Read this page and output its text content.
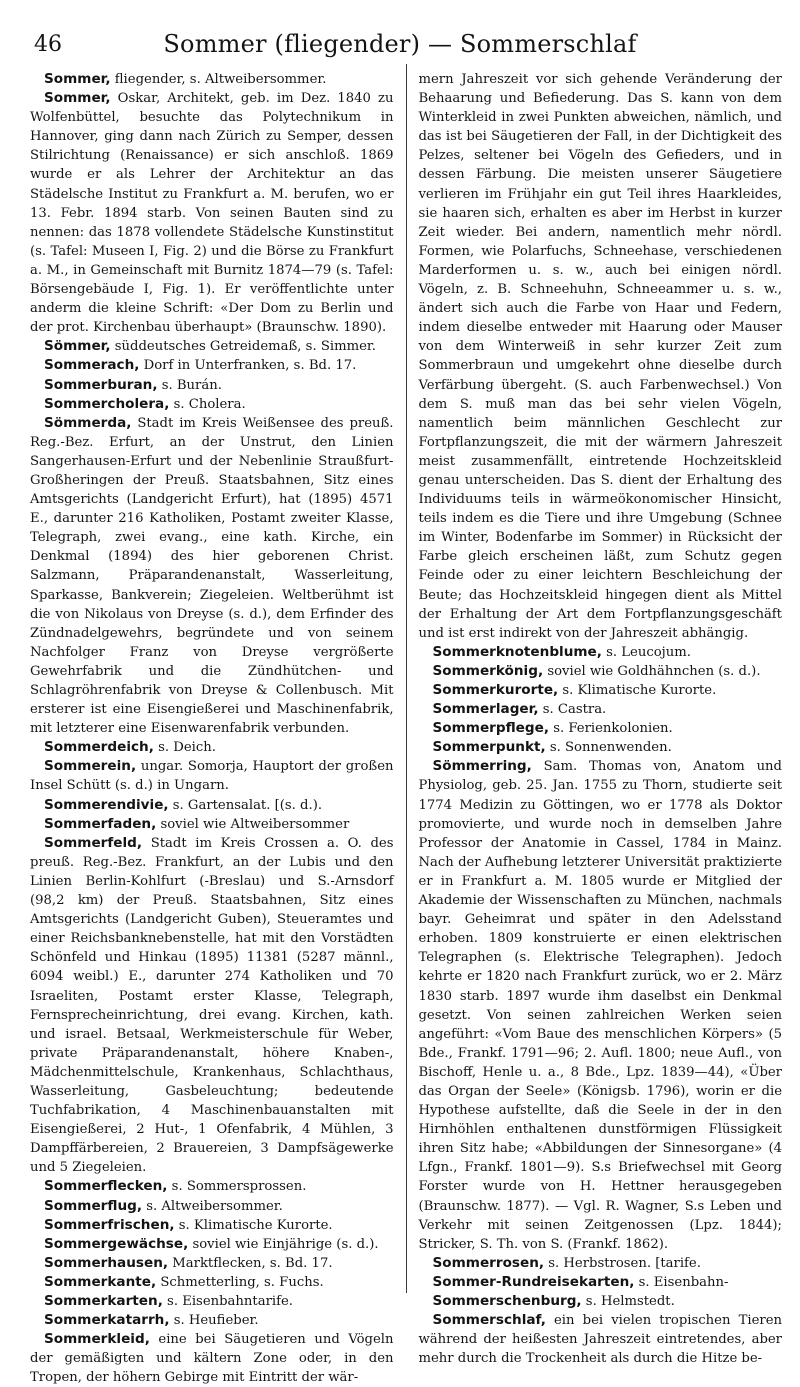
46	Sommer (fliegender) — Sommerschlaf

Sommer, fliegender, s. Altweibersommer.

Sommer, Oskar, Architekt, geb. im Dez. 1840 zu Wolfenbüttel, besuchte das Polytechnikum in Hannover, ging dann nach Zürich zu Semper, dessen Stilrichtung (Renaissance) er sich anschloß. 1869 wurde er als Lehrer der Architektur an das Städelsche Institut zu Frankfurt a. M. berufen, wo er 13. Febr. 1894 starb. Von seinen Bauten sind zu nennen: das 1878 vollendete Städelsche Kunstinstitut (s. Tafel: Museen I, Fig. 2) und die Börse zu Frankfurt a. M., in Gemeinschaft mit Burnitz 1874—79 (s. Tafel: Börsengebäude I, Fig. 1). Er veröffentlichte unter anderm die kleine Schrift: «Der Dom zu Berlin und der prot. Kirchenbau überhaupt» (Braunschw. 1890).

Sömmer, süddeutsches Getreidemaß, s. Simmer.

Sommerach, Dorf in Unterfranken, s. Bd. 17.

Sommerburan, s. Burán.

Sommercholera, s. Cholera.

Sömmerda, Stadt im Kreis Weißensee des preuß. Reg.-Bez. Erfurt, an der Unstrut, den Linien Sangerhausen-Erfurt und der Nebenlinie Straußfurt-Großheringen der Preuß. Staatsbahnen, Sitz eines Amtsgerichts (Landgericht Erfurt), hat (1895) 4571 E., darunter 216 Katholiken, Postamt zweiter Klasse, Telegraph, zwei evang., eine kath. Kirche, ein Denkmal (1894) des hier geborenen Christ. Salzmann, Präparandenanstalt, Wasserleitung, Sparkasse, Bankverein; Ziegeleien. Weltberühmt ist die von Nikolaus von Dreyse (s. d.), dem Erfinder des Zündnadelgewehrs, begründete und von seinem Nachfolger Franz von Dreyse vergrößerte Gewehrfabrik und die Zündhütchen- und Schlagröhrenfabrik von Dreyse & Collenbusch. Mit ersterer ist eine Eisengießerei und Maschinenfabrik, mit letzterer eine Eisenwarenfabrik verbunden.

Sommerdeich, s. Deich.

Sommerein, ungar. Somorja, Hauptort der großen Insel Schütt (s. d.) in Ungarn.

Sommerendivie, s. Gartensalat. [(s. d.).

Sommerfaden, soviel wie Altweibersommer

Sommerfeld, Stadt im Kreis Crossen a. O. des preuß. Reg.-Bez. Frankfurt, an der Lubis und den Linien Berlin-Kohlfurt (-Breslau) und S.-Arnsdorf (98,2 km) der Preuß. Staatsbahnen, Sitz eines Amtsgerichts (Landgericht Guben), Steueramtes und einer Reichsbanknebenstelle, hat mit den Vorstädten Schönfeld und Hinkau (1895) 11381 (5287 männl., 6094 weibl.) E., darunter 274 Katholiken und 70 Israeliten, Postamt erster Klasse, Telegraph, Fernsprecheinrichtung, drei evang. Kirchen, kath. und israel. Betsaal, Werkmeisterschule für Weber, private Präparandenanstalt, höhere Knaben-, Mädchenmittelschule, Krankenhaus, Schlachthaus, Wasserleitung, Gasbeleuchtung; bedeutende Tuchfabrikation, 4 Maschinenbauanstalten mit Eisengießerei, 2 Hut-, 1 Ofenfabrik, 4 Mühlen, 3 Dampffärbereien, 2 Brauereien, 3 Dampfsägewerke und 5 Ziegeleien.

Sommerflecken, s. Sommersprossen.

Sommerflug, s. Altweibersommer.

Sommerfrischen, s. Klimatische Kurorte.

Sommergewächse, soviel wie Einjährige (s. d.).

Sommerhausen, Marktflecken, s. Bd. 17.

Sommerkante, Schmetterling, s. Fuchs.

Sommerkarten, s. Eisenbahntarife.

Sommerkatarrh, s. Heufieber.

Sommerkleid, eine bei Säugetieren und Vögeln der gemäßigten und kältern Zone oder, in den Tropen, der höhern Gebirge mit Eintritt der wär-

mern Jahreszeit vor sich gehende Veränderung der Behaarung und Befiederung. Das S. kann von dem Winterkleid in zwei Punkten abweichen, nämlich, und das ist bei Säugetieren der Fall, in der Dichtigkeit des Pelzes, seltener bei Vögeln des Gefieders, und in dessen Färbung. Die meisten unserer Säugetiere verlieren im Frühjahr ein gut Teil ihres Haarkleides, sie haaren sich, erhalten es aber im Herbst in kurzer Zeit wieder. Bei andern, namentlich mehr nördl. Formen, wie Polarfuchs, Schneehase, verschiedenen Marderformen u. s. w., auch bei einigen nördl. Vögeln, z. B. Schneehuhn, Schneeammer u. s. w., ändert sich auch die Farbe von Haar und Federn, indem dieselbe entweder mit Haarung oder Mauser von dem Winterweiß in sehr kurzer Zeit zum Sommerbraun und umgekehrt ohne dieselbe durch Verfärbung übergeht. (S. auch Farbenwechsel.) Von dem S. muß man das bei sehr vielen Vögeln, namentlich beim männlichen Geschlecht zur Fortpflanzungszeit, die mit der wärmern Jahreszeit meist zusammenfällt, eintretende Hochzeitskleid genau unterscheiden. Das S. dient der Erhaltung des Individuums teils in wärmeökonomischer Hinsicht, teils indem es die Tiere und ihre Umgebung (Schnee im Winter, Bodenfarbe im Sommer) in Rücksicht der Farbe gleich erscheinen läßt, zum Schutz gegen Feinde oder zu einer leichtern Beschleichung der Beute; das Hochzeitskleid hingegen dient als Mittel der Erhaltung der Art dem Fortpflanzungsgeschäft und ist erst indirekt von der Jahreszeit abhängig.

Sommerknotenblume, s. Leucojum.

Sommerkönig, soviel wie Goldhähnchen (s. d.).

Sommerkurorte, s. Klimatische Kurorte.

Sommerlager, s. Castra.

Sommerpflege, s. Ferienkolonien.

Sommerpunkt, s. Sonnenwenden.

Sömmerring, Sam. Thomas von, Anatom und Physiolog, geb. 25. Jan. 1755 zu Thorn, studierte seit 1774 Medizin zu Göttingen, wo er 1778 als Doktor promovierte, und wurde noch in demselben Jahre Professor der Anatomie in Cassel, 1784 in Mainz. Nach der Aufhebung letzterer Universität praktizierte er in Frankfurt a. M. 1805 wurde er Mitglied der Akademie der Wissenschaften zu München, nachmals bayr. Geheimrat und später in den Adelsstand erhoben. 1809 konstruierte er einen elektrischen Telegraphen (s. Elektrische Telegraphen). Jedoch kehrte er 1820 nach Frankfurt zurück, wo er 2. März 1830 starb. 1897 wurde ihm daselbst ein Denkmal gesetzt. Von seinen zahlreichen Werken seien angeführt: «Vom Baue des menschlichen Körpers» (5 Bde., Frankf. 1791—96; 2. Aufl. 1800; neue Aufl., von Bischoff, Henle u. a., 8 Bde., Lpz. 1839—44), «Über das Organ der Seele» (Königsb. 1796), worin er die Hypothese aufstellte, daß die Seele in der in den Hirnhöhlen enthaltenen dunstförmigen Flüssigkeit ihren Sitz habe; «Abbildungen der Sinnesorgane» (4 Lfgn., Frankf. 1801—9). S.s Briefwechsel mit Georg Forster wurde von H. Hettner herausgegeben (Braunschw. 1877). — Vgl. R. Wagner, S.s Leben und Verkehr mit seinen Zeitgenossen (Lpz. 1844); Stricker, S. Th. von S. (Frankf. 1862).

Sommerrosen, s. Herbstrosen. [tarife.

Sommer-Rundreisekarten, s. Eisenbahn-

Sommerschenburg, s. Helmstedt.

Sommerschlaf, ein bei vielen tropischen Tieren während der heißesten Jahreszeit eintretendes, aber mehr durch die Trockenheit als durch die Hitze be-
